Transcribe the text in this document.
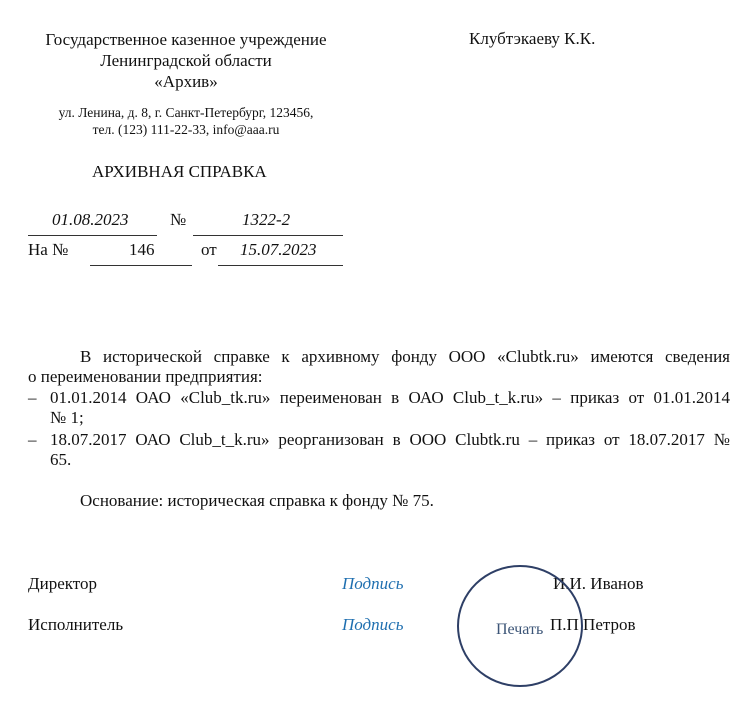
Государственное казенное учреждение
Ленинградской области
«Архив»
ул. Ленина, д. 8, г. Санкт-Петербург, 123456,
тел. (123) 111-22-33, info@aaa.ru
Клубтэкаеву К.К.
АРХИВНАЯ СПРАВКА
01.08.2023 №	1322-2
На №	146	от 15.07.2023
В исторической справке к архивному фонду ООО «Clubtk.ru» имеются сведения
о переименовании предприятия:
– 01.01.2014 ОАО «Club_tk.ru» переименован в ОАО Club_t_k.ru» – приказ от 01.01.2014
№ 1;
– 18.07.2017 ОАО Club_t_k.ru» реорганизован в ООО Clubtk.ru – приказ от 18.07.2017 №
65.
Основание: историческая справка к фонду № 75.
Директор	Подпись	И.И. Иванов
Исполнитель	Подпись	П.П Петров
Печать
